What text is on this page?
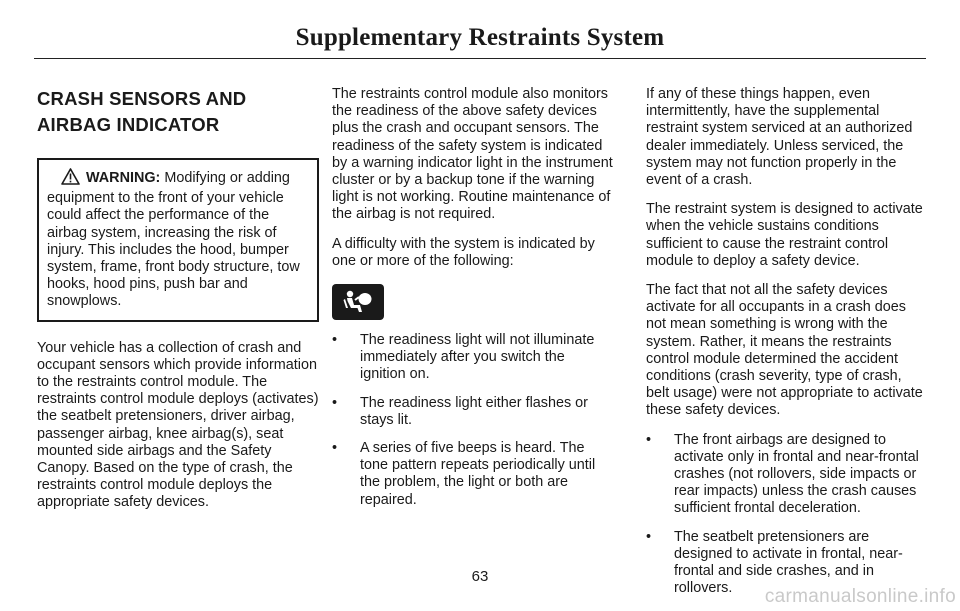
Supplementary Restraints System
CRASH SENSORS AND AIRBAG INDICATOR
WARNING: Modifying or adding equipment to the front of your vehicle could affect the performance of the airbag system, increasing the risk of injury. This includes the hood, bumper system, frame, front body structure, tow hooks, hood pins, push bar and snowplows.

Your vehicle has a collection of crash and occupant sensors which provide information to the restraints control module. The restraints control module deploys (activates) the seatbelt pretensioners, driver airbag, passenger airbag, knee airbag(s), seat mounted side airbags and the Safety Canopy. Based on the type of crash, the restraints control module deploys the appropriate safety devices.

The restraints control module also monitors the readiness of the above safety devices plus the crash and occupant sensors. The readiness of the safety system is indicated by a warning indicator light in the instrument cluster or by a backup tone if the warning light is not working. Routine maintenance of the airbag is not required.

A difficulty with the system is indicated by one or more of the following:

• The readiness light will not illuminate immediately after you switch the ignition on.
• The readiness light either flashes or stays lit.
• A series of five beeps is heard. The tone pattern repeats periodically until the problem, the light or both are repaired.

If any of these things happen, even intermittently, have the supplemental restraint system serviced at an authorized dealer immediately. Unless serviced, the system may not function properly in the event of a crash.

The restraint system is designed to activate when the vehicle sustains conditions sufficient to cause the restraint control module to deploy a safety device.

The fact that not all the safety devices activate for all occupants in a crash does not mean something is wrong with the system. Rather, it means the restraints control module determined the accident conditions (crash severity, type of crash, belt usage) were not appropriate to activate these safety devices.

• The front airbags are designed to activate only in frontal and near-frontal crashes (not rollovers, side impacts or rear impacts) unless the crash causes sufficient frontal deceleration.
• The seatbelt pretensioners are designed to activate in frontal, near-frontal and side crashes, and in rollovers.
63
carmanualsonline.info
